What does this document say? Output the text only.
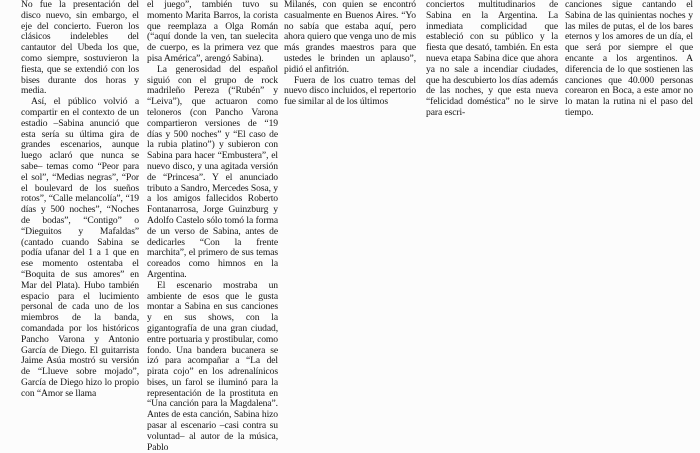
No fue la presentación del disco nuevo, sin embargo, el eje del concierto. Fueron los clásicos indelebles del cantautor del Ubeda los que, como siempre, sostuvieron la fiesta, que se extendió con los bises durante dos horas y media.

Así, el público volvió a compartir en el contexto de un estadio –Sabina anunció que esta sería su última gira de grandes escenarios, aunque luego aclaró que nunca se sabe– temas como “Peor para el sol”, “Medias negras”, “Por el boulevard de los sueños rotos”, “Calle melancolía”, “19 días y 500 noches”, “Noches de bodas”, “Contigo” o “Dieguitos y Mafaldas” (cantado cuando Sabina se podía ufanar del 1 a 1 que en ese momento ostentaba el “Boquita de sus amores” en Mar del Plata). Hubo también espacio para el lucimiento personal de cada uno de los miembros de la banda, comandada por los históricos Pancho Varona y Antonio García de Diego. El guitarrista Jaime Asúa mostró su versión de “Llueve sobre mojado”, García de Diego hizo lo propio con “Amor se llama

el juego”, también tuvo su momento Marita Barros, la corista que reemplaza a Olga Román (“aquí donde la ven, tan suelecita de cuerpo, es la primera vez que pisa América”, arengó Sabina).

La generosidad del español siguió con el grupo de rock madrileño Pereza (“Rubén” y “Leiva”), que actuaron como teloneros (con Pancho Varona compartieron versiones de “19 días y 500 noches” y “El caso de la rubia platino”) y subieron con Sabina para hacer “Embustera”, el nuevo disco, y una agitada versión de “Princesa”. Y el anunciado tributo a Sandro, Mercedes Sosa, y a los amigos fallecidos Roberto Fontanarrosa, Jorge Guinzburg y Adolfo Castelo sólo tomó la forma de un verso de Sabina, antes de dedicarles “Con la frente marchita”, el primero de sus temas coreados como himnos en la Argentina.

El escenario mostraba un ambiente de esos que le gusta montar a Sabina en sus canciones y en sus shows, con la gigantografía de una gran ciudad, entre portuaria y prostibular, como fondo. Una bandera bucanera se izó para acompañar a “La del pirata cojo” en los adrenalínicos bises, un farol se iluminó para la representación de la prostituta en “Una canción para la Magdalena”. Antes de esta canción, Sabina hizo pasar al escenario –casi contra su voluntad– al autor de la música, Pablo

Milanés, con quien se encontró casualmente en Buenos Aires. “Yo no sabía que estaba aquí, pero ahora quiero que venga uno de mis más grandes maestros para que ustedes le brinden un aplauso”, pidió el anfitrión.

Fuera de los cuatro temas del nuevo disco incluidos, el repertorio fue similar al de los últimos

conciertos multitudinarios de Sabina en la Argentina. La inmediata complicidad que estableció con su público y la fiesta que desató, también. En esta nueva etapa Sabina dice que ahora ya no sale a incendiar ciudades, que ha descubierto los días además de las noches, y que esta nueva “felicidad doméstica” no le sirve para escri-

canciones sigue cantando el Sabina de las quinientas noches y las miles de putas, el de los bares eternos y los amores de un día, el que será por siempre el que encante a los argentinos. A diferencia de lo que sostienen las canciones que 40.000 personas corearon en Boca, a este amor no lo matan la rutina ni el paso del tiempo.
